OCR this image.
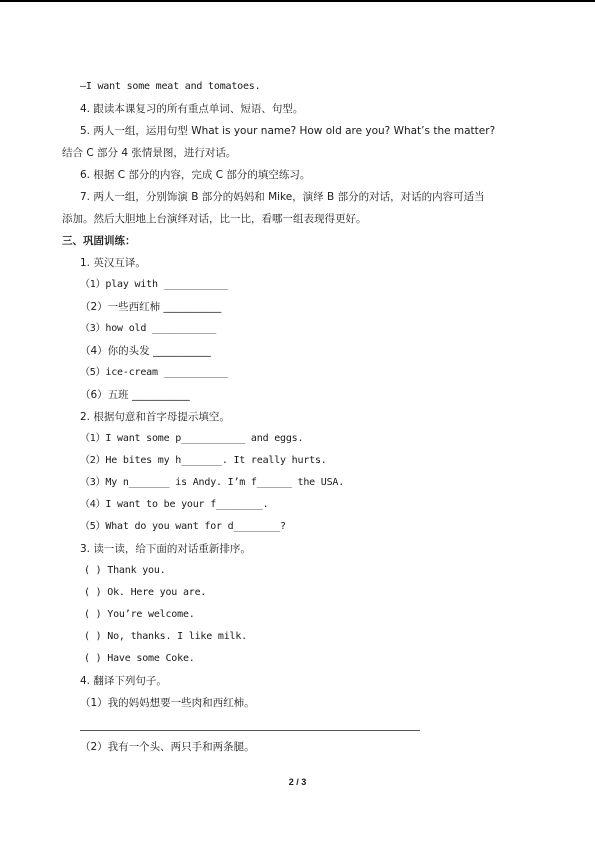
—I want some meat and tomatoes.
4. 跟读本课复习的所有重点单词、短语、句型。
5. 两人一组，运用句型 What is your name? How old are you? What’s the matter?
结合 C 部分 4 张情景图，进行对话。
6. 根据 C 部分的内容，完成 C 部分的填空练习。
7. 两人一组，分别饰演 B 部分的妈妈和 Mike，演绎 B 部分的对话，对话的内容可适当
添加。然后大胆地上台演绎对话，比一比，看哪一组表现得更好。
三、巩固训练：
1. 英汉互译。
（1）play with ___________
（2）一些西红柿 ___________
（3）how old ___________
（4）你的头发 ___________
（5）ice-cream ___________
（6）五班 ___________
2. 根据句意和首字母提示填空。
（1）I want some p___________ and eggs.
（2）He bites my h_______. It really hurts.
（3）My n_______ is Andy. I’m f______ the USA.
（4）I want to be your f________.
（5）What do you want for d________?
3. 读一读，给下面的对话重新排序。
( ) Thank you.
( ) Ok. Here you are.
( ) You’re welcome.
( ) No, thanks. I like milk.
( ) Have some Coke.
4. 翻译下列句子。
（1）我的妈妈想要一些肉和西红柿。
（2）我有一个头、两只手和两条腿。
2 / 3
